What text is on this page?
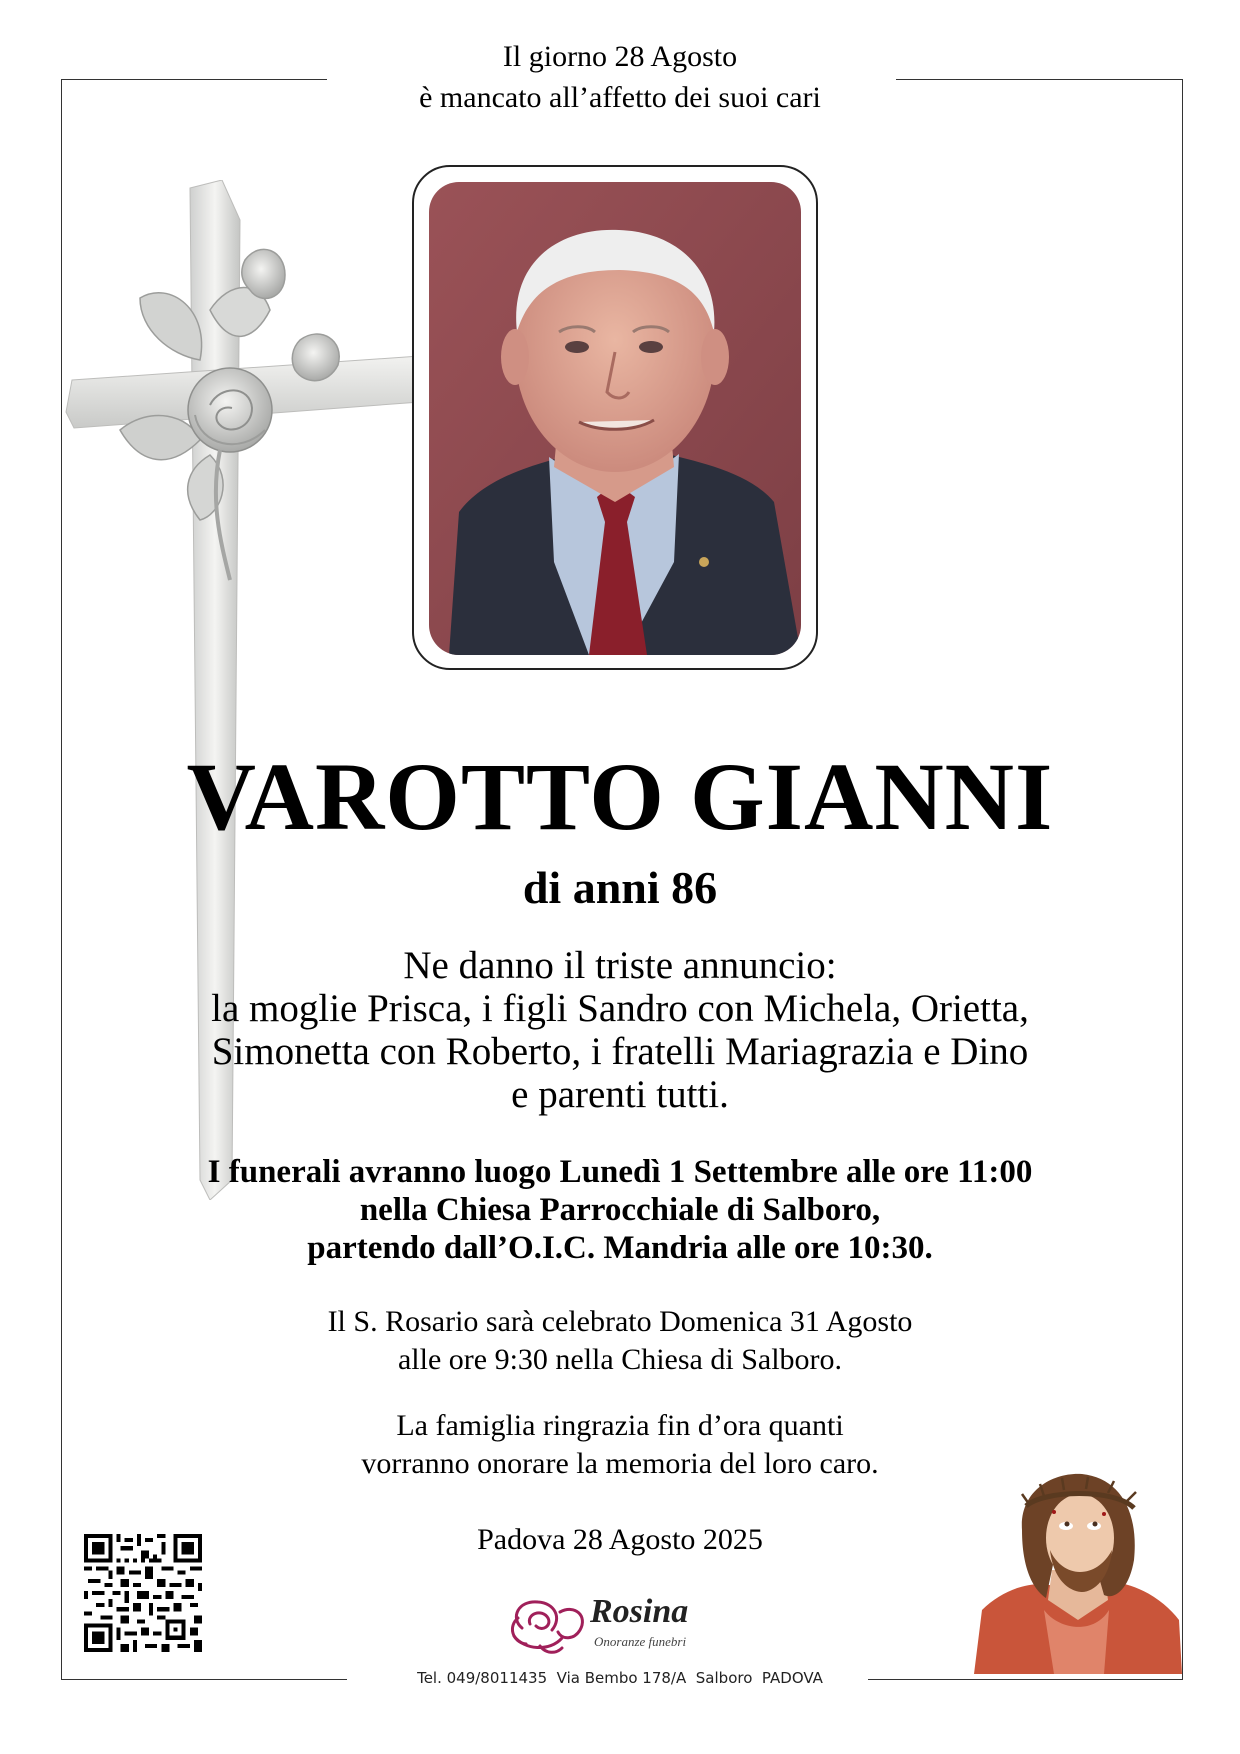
Il giorno 28 Agosto
è mancato all’affetto dei suoi cari
VAROTTO GIANNI
di anni 86
Ne danno il triste annuncio:
la moglie Prisca, i figli Sandro con Michela, Orietta,
Simonetta con Roberto, i fratelli Mariagrazia e Dino
e parenti tutti.
I funerali avranno luogo Lunedì 1 Settembre alle ore 11:00
nella Chiesa Parrocchiale di Salboro,
partendo dall’O.I.C. Mandria alle ore 10:30.
Il S. Rosario sarà celebrato Domenica 31 Agosto
alle ore 9:30 nella Chiesa di Salboro.
La famiglia ringrazia fin d’ora quanti
vorranno onorare la memoria del loro caro.
Padova 28 Agosto 2025
Rosina
Onoranze funebri
Tel. 049/8011435  Via Bembo 178/A  Salboro  PADOVA
